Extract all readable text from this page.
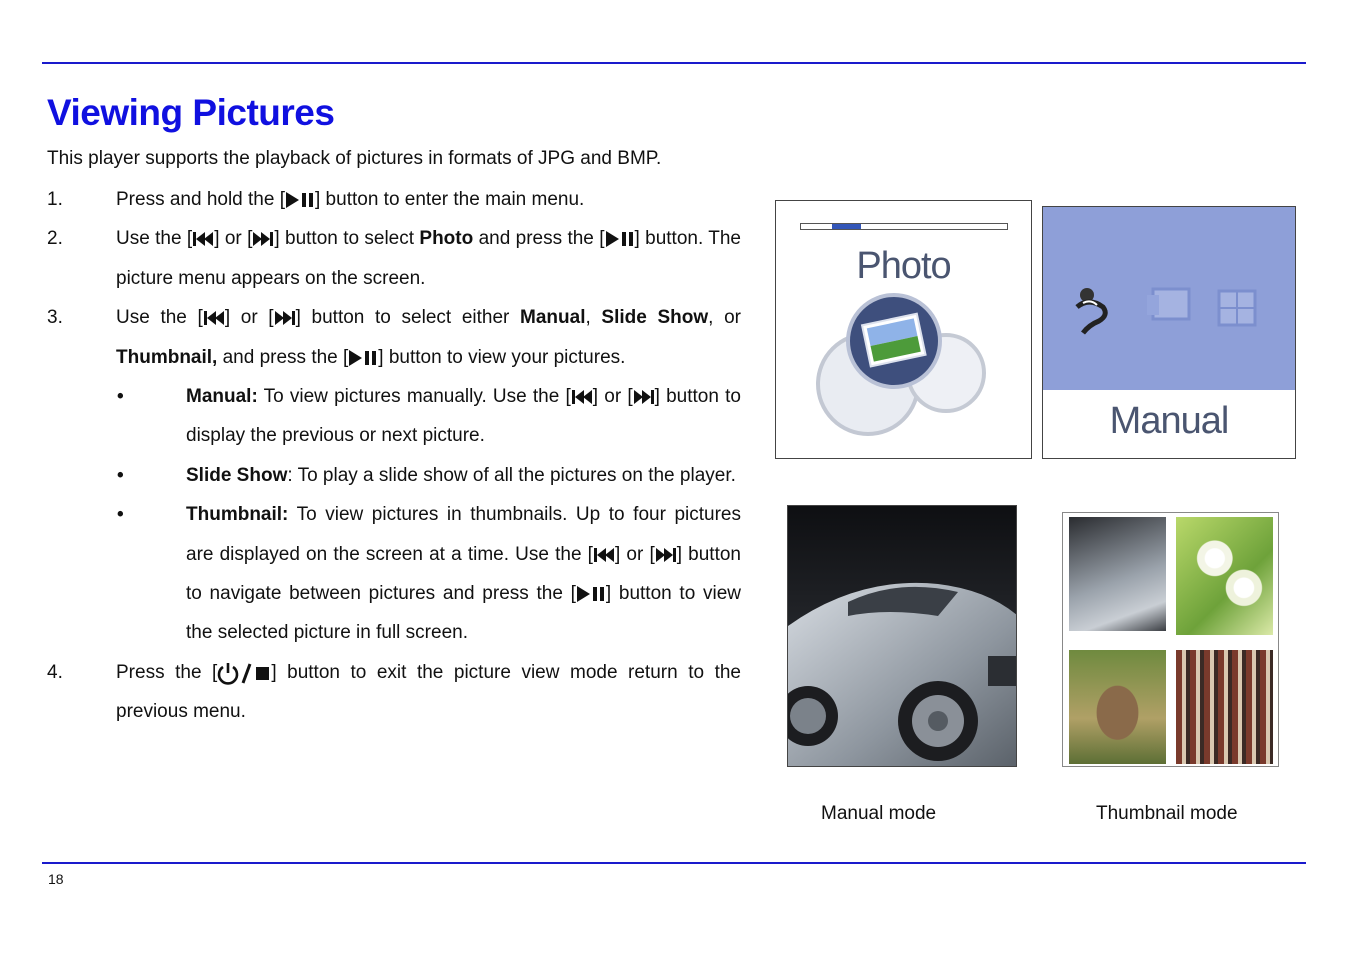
Viewing Pictures
This player supports the playback of pictures in formats of JPG and BMP.
1.	Press and hold the [ ] button to enter the main menu.
2.	Use the [ ] or [ ] button to select Photo and press the [ ] button. The picture menu appears on the screen.
3.	Use the [ ] or [ ] button to select either Manual, Slide Show, or Thumbnail, and press the [ ] button to view your pictures.
•	Manual: To view pictures manually. Use the [ ] or [ ] button to display the previous or next picture.
•	Slide Show: To play a slide show of all the pictures on the player.
•	Thumbnail: To view pictures in thumbnails. Up to four pictures are displayed on the screen at a time. Use the [ ] or [ ] button to navigate between pictures and press the [ ] button to view the selected picture in full screen.
4.	Press the [	] button to exit the picture view mode return to the previous menu.
Photo
Manual
Manual mode	Thumbnail mode
18
